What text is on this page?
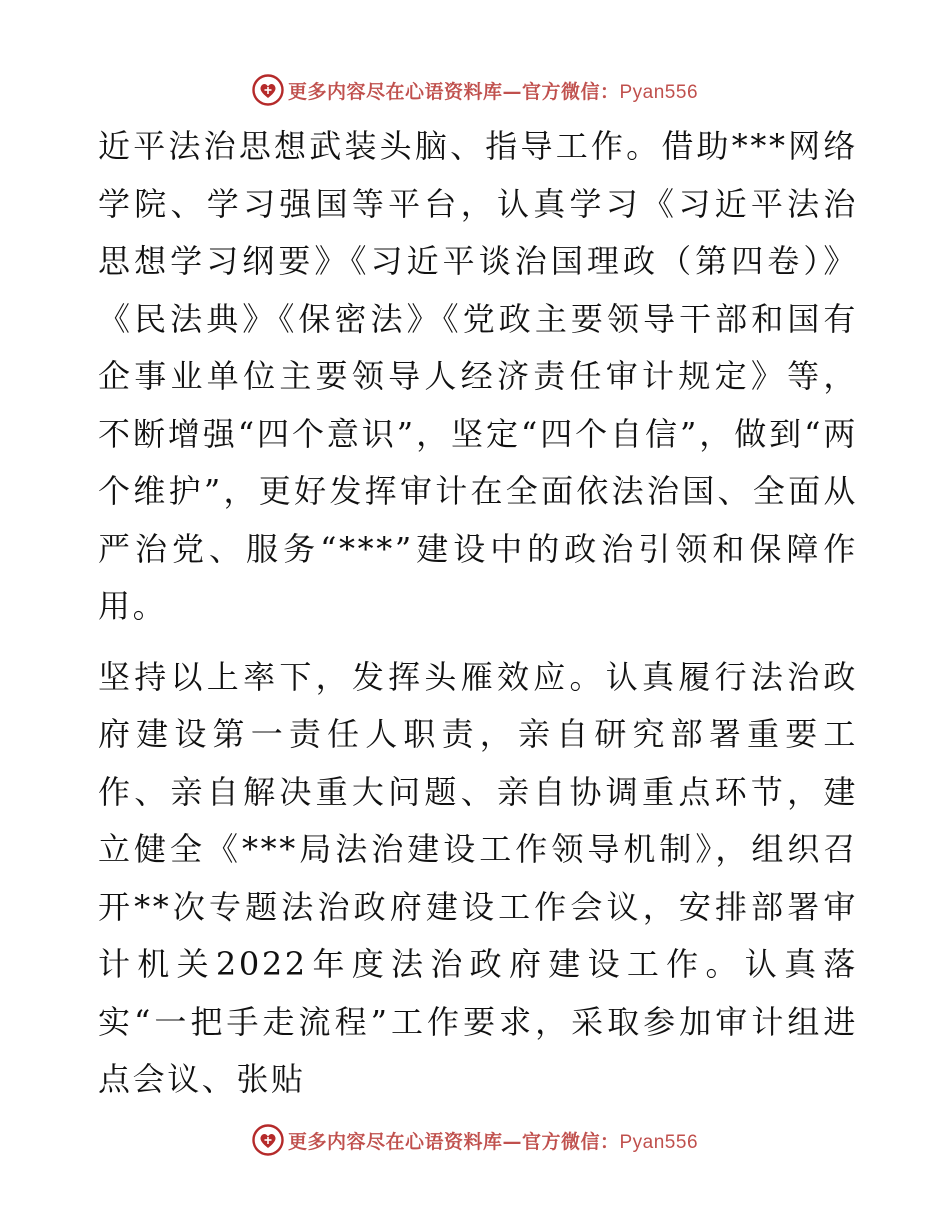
更多内容尽在心语资料库—官方微信：Pyan556

近平法治思想武装头脑、指导工作。借助***网络学院、学习强国等平台，认真学习《习近平法治思想学习纲要》《习近平谈治国理政（第四卷）》《民法典》《保密法》《党政主要领导干部和国有企事业单位主要领导人经济责任审计规定》等，不断增强“四个意识”，坚定“四个自信”，做到“两个维护”，更好发挥审计在全面依法治国、全面从严治党、服务“***”建设中的政治引领和保障作用。

坚持以上率下，发挥头雁效应。认真履行法治政府建设第一责任人职责，亲自研究部署重要工作、亲自解决重大问题、亲自协调重点环节，建立健全《***局法治建设工作领导机制》，组织召开**次专题法治政府建设工作会议，安排部署审计机关2022年度法治政府建设工作。认真落实“一把手走流程”工作要求，采取参加审计组进点会议、张贴

更多内容尽在心语资料库—官方微信：Pyan556
